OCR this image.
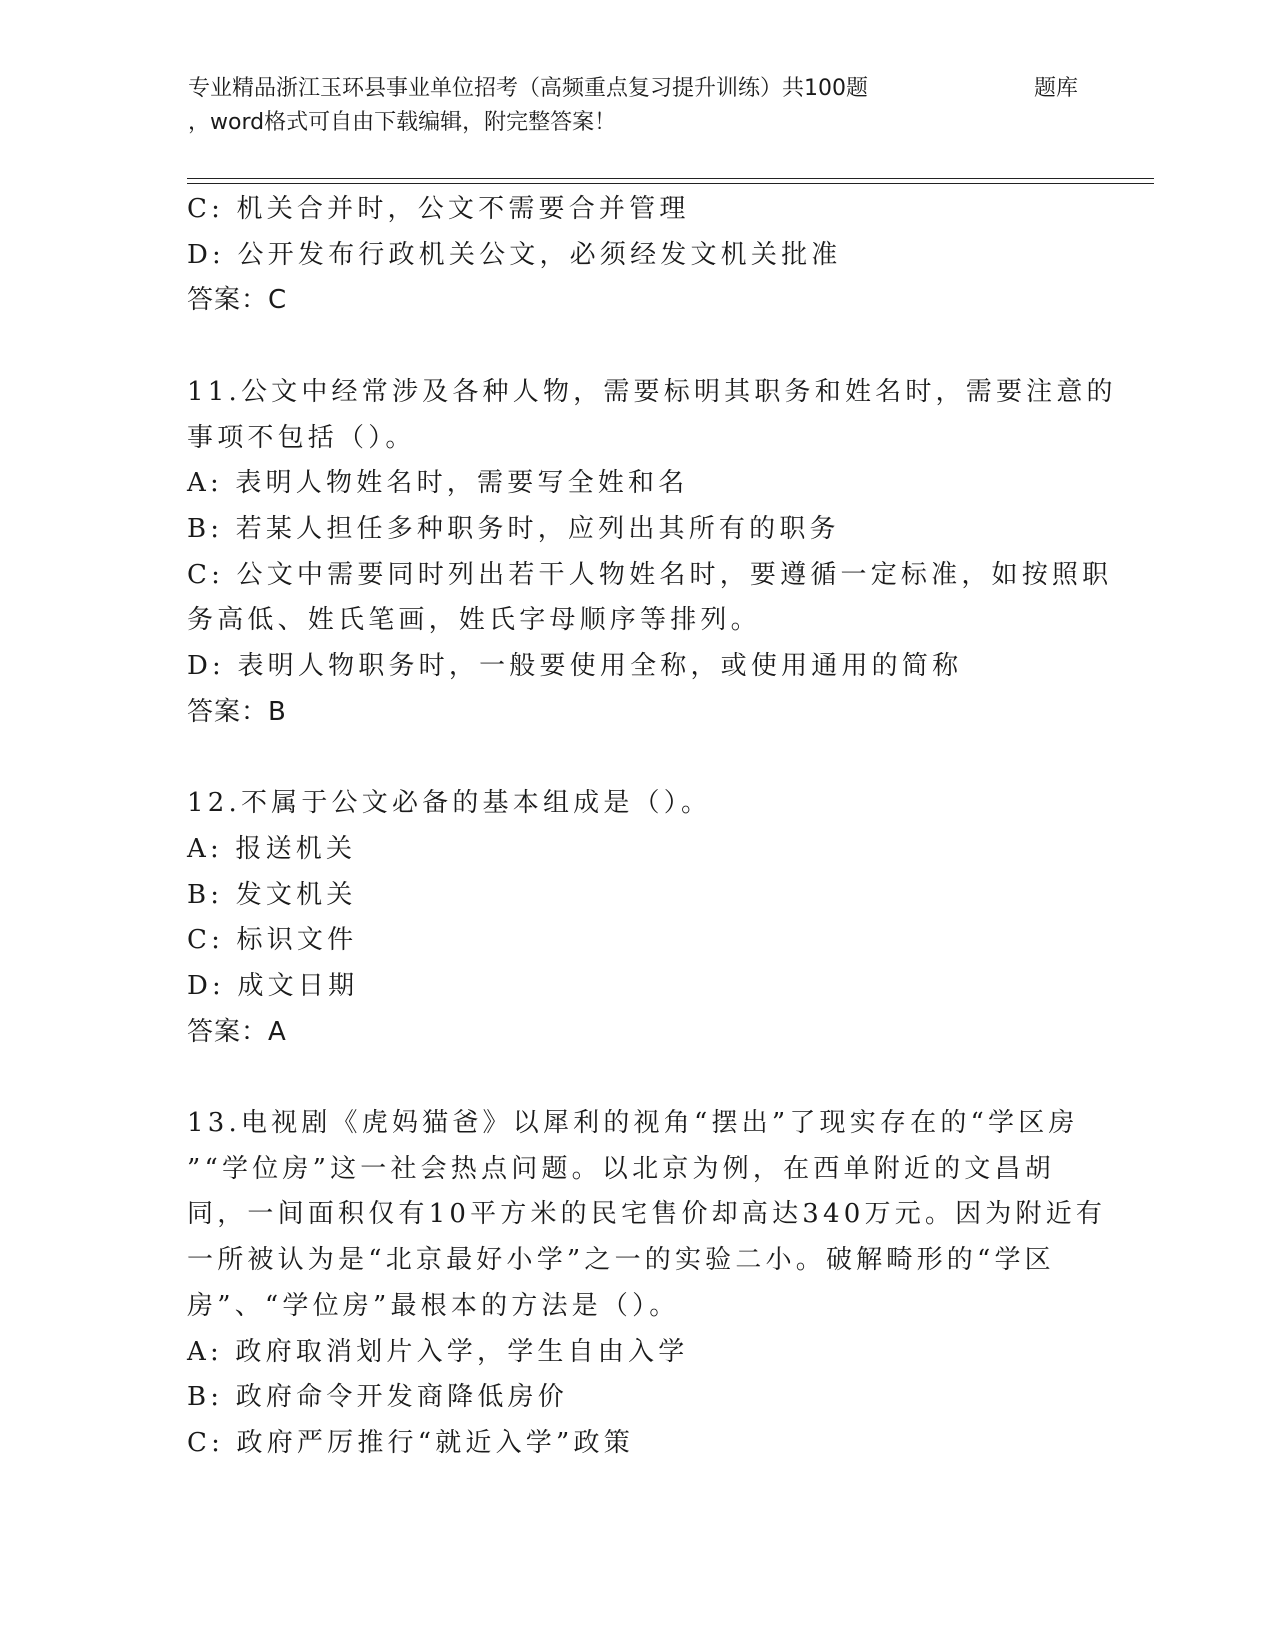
专业精品浙江玉环县事业单位招考（高频重点复习提升训练）共100题	题库
，word格式可自由下载编辑，附完整答案！
C: 机关合并时，公文不需要合并管理
D: 公开发布行政机关公文，必须经发文机关批准
答案：C
11.公文中经常涉及各种人物，需要标明其职务和姓名时，需要注意的
事项不包括（）。
A: 表明人物姓名时，需要写全姓和名
B: 若某人担任多种职务时，应列出其所有的职务
C: 公文中需要同时列出若干人物姓名时，要遵循一定标准，如按照职
务高低、姓氏笔画，姓氏字母顺序等排列。
D: 表明人物职务时，一般要使用全称，或使用通用的简称
答案：B
12.不属于公文必备的基本组成是（）。
A: 报送机关
B: 发文机关
C: 标识文件
D: 成文日期
答案：A
13.电视剧《虎妈猫爸》以犀利的视角“摆出”了现实存在的“学区房
”“学位房”这一社会热点问题。以北京为例，在西单附近的文昌胡
同，一间面积仅有10平方米的民宅售价却高达340万元。因为附近有
一所被认为是“北京最好小学”之一的实验二小。破解畸形的“学区
房”、“学位房”最根本的方法是（）。
A: 政府取消划片入学，学生自由入学
B: 政府命令开发商降低房价
C: 政府严厉推行“就近入学”政策
